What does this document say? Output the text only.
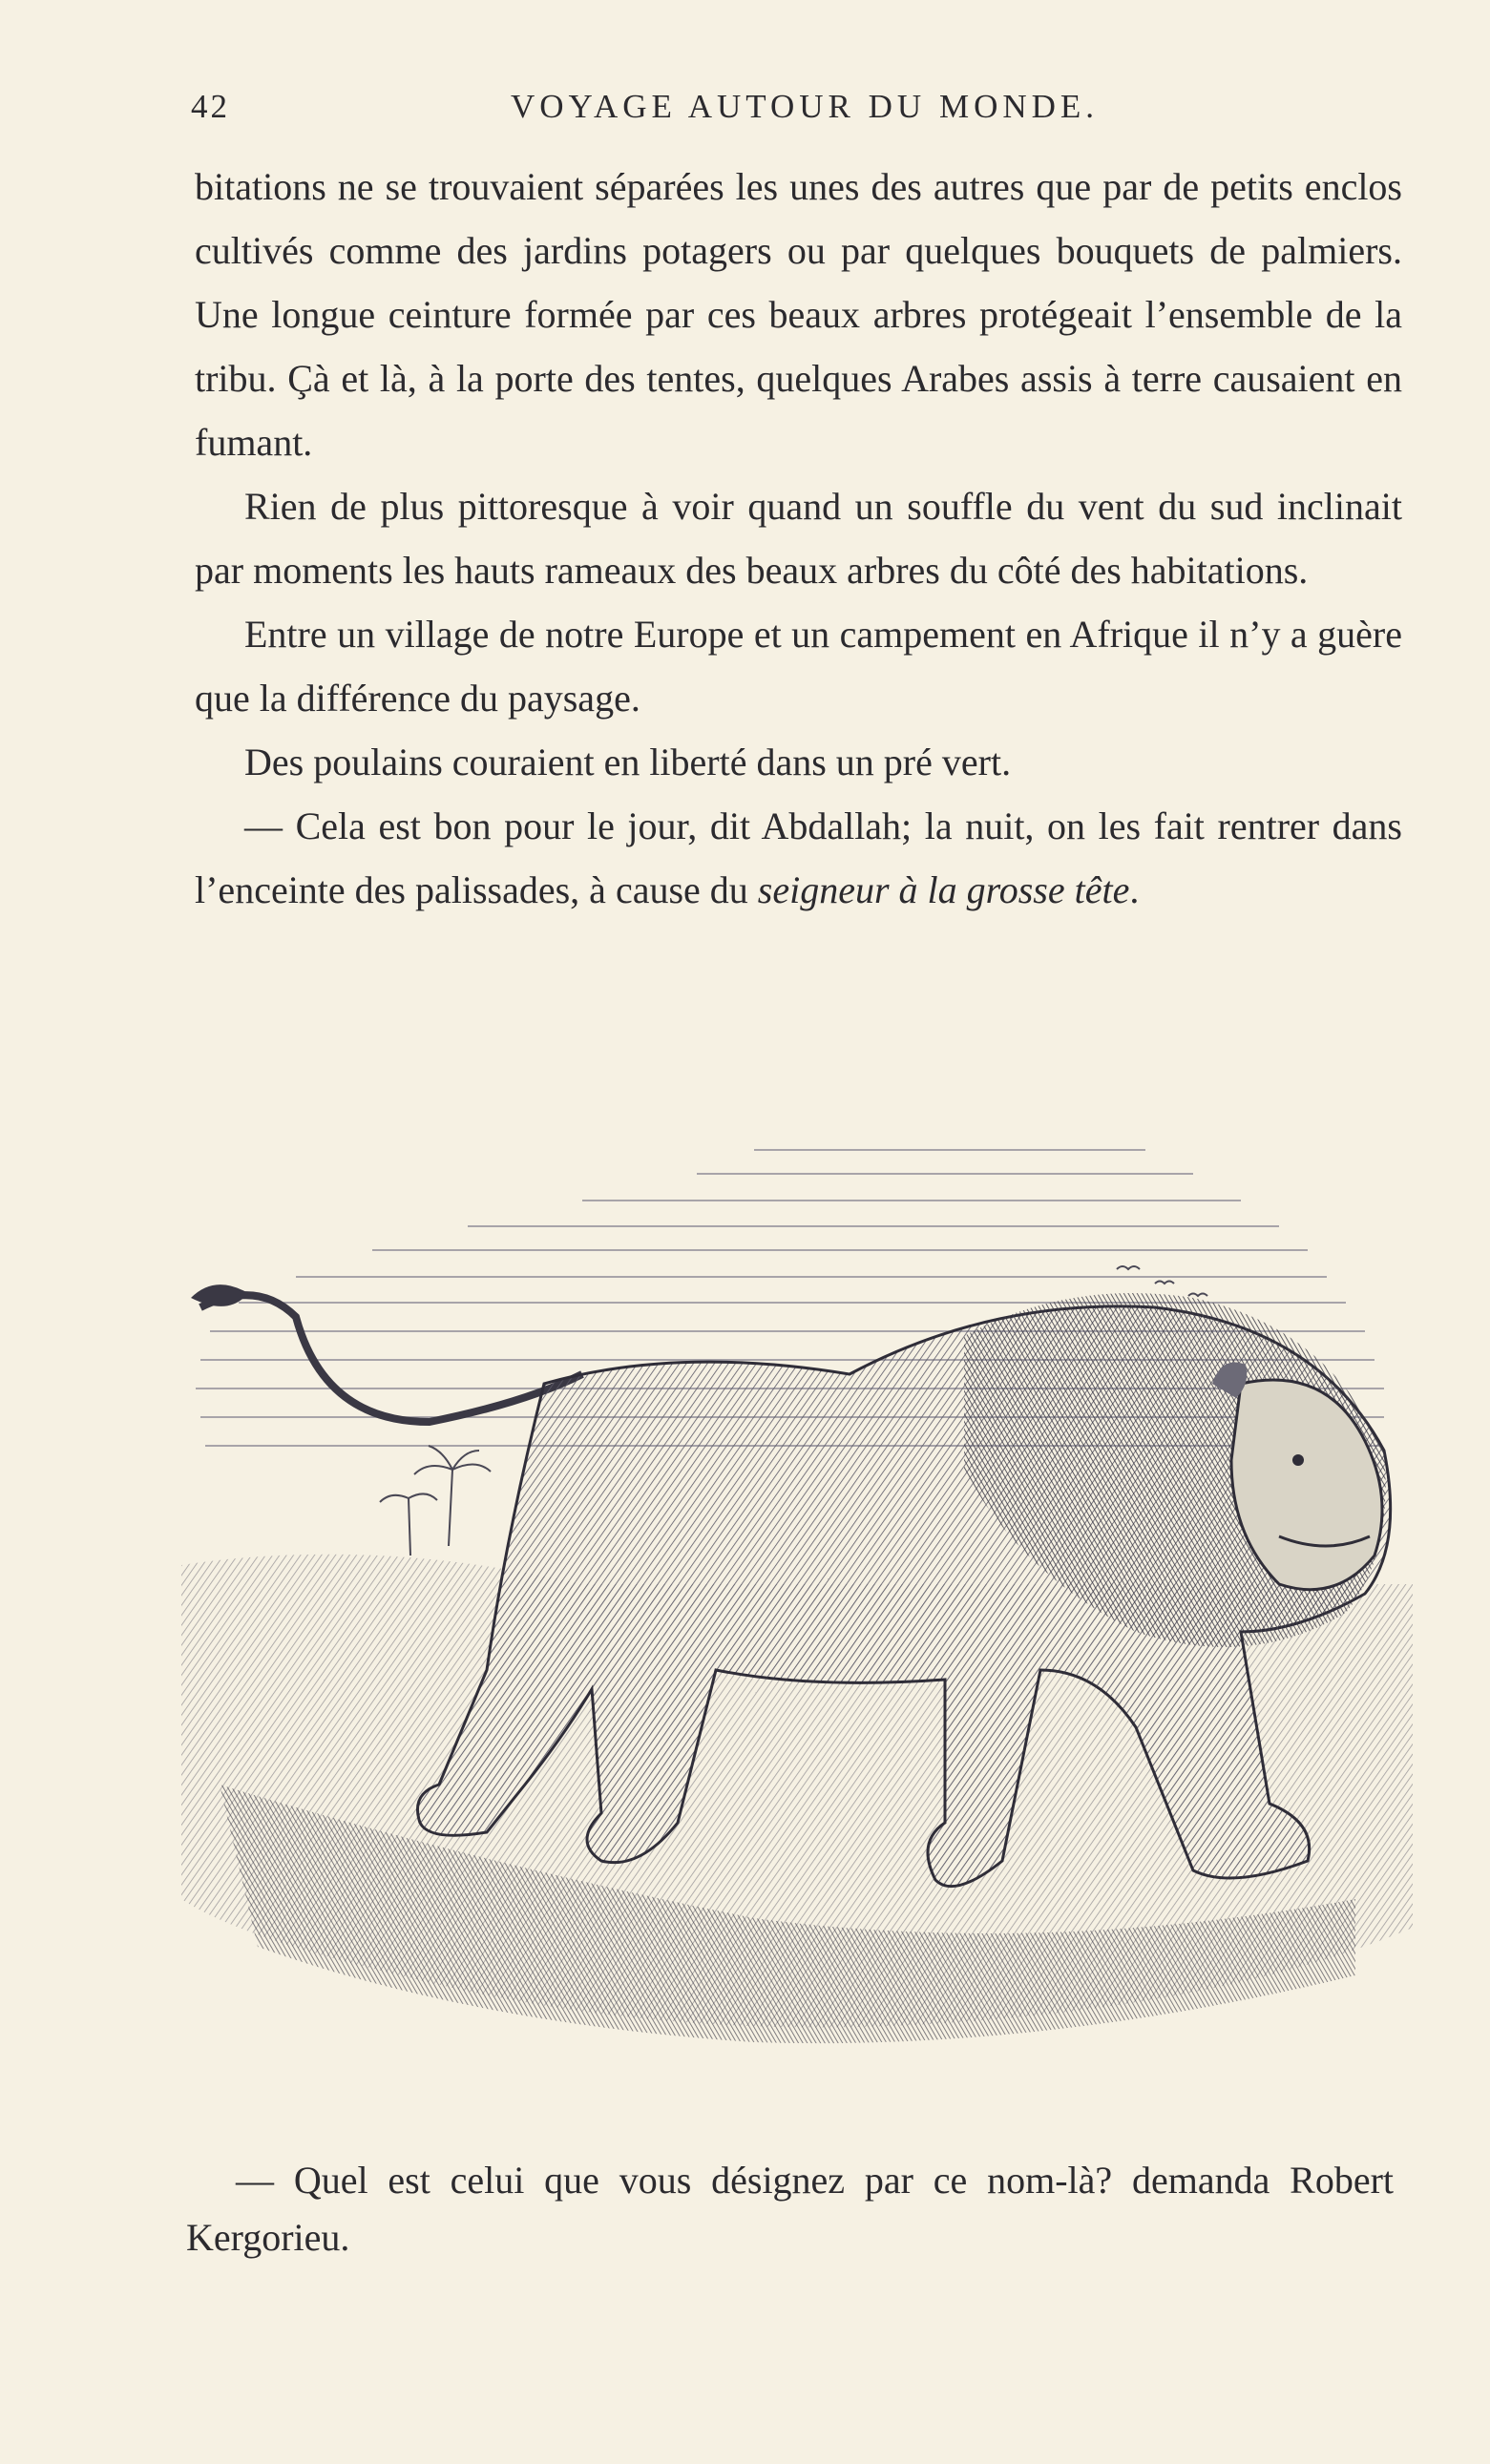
42	VOYAGE AUTOUR DU MONDE.

bitations ne se trouvaient séparées les unes des autres que par de petits enclos cultivés comme des jardins potagers ou par quelques bouquets de palmiers. Une longue ceinture formée par ces beaux arbres protégeait l’ensemble de la tribu. Çà et là, à la porte des tentes, quelques Arabes assis à terre causaient en fumant.

Rien de plus pittoresque à voir quand un souffle du vent du sud inclinait par moments les hauts rameaux des beaux arbres du côté des habitations.

Entre un village de notre Europe et un campement en Afrique il n’y a guère que la différence du paysage.

Des poulains couraient en liberté dans un pré vert.

— Cela est bon pour le jour, dit Abdallah; la nuit, on les fait rentrer dans l’enceinte des palissades, à cause du seigneur à la grosse tête.

— Quel est celui que vous désignez par ce nom-là? demanda Robert Kergorieu.
